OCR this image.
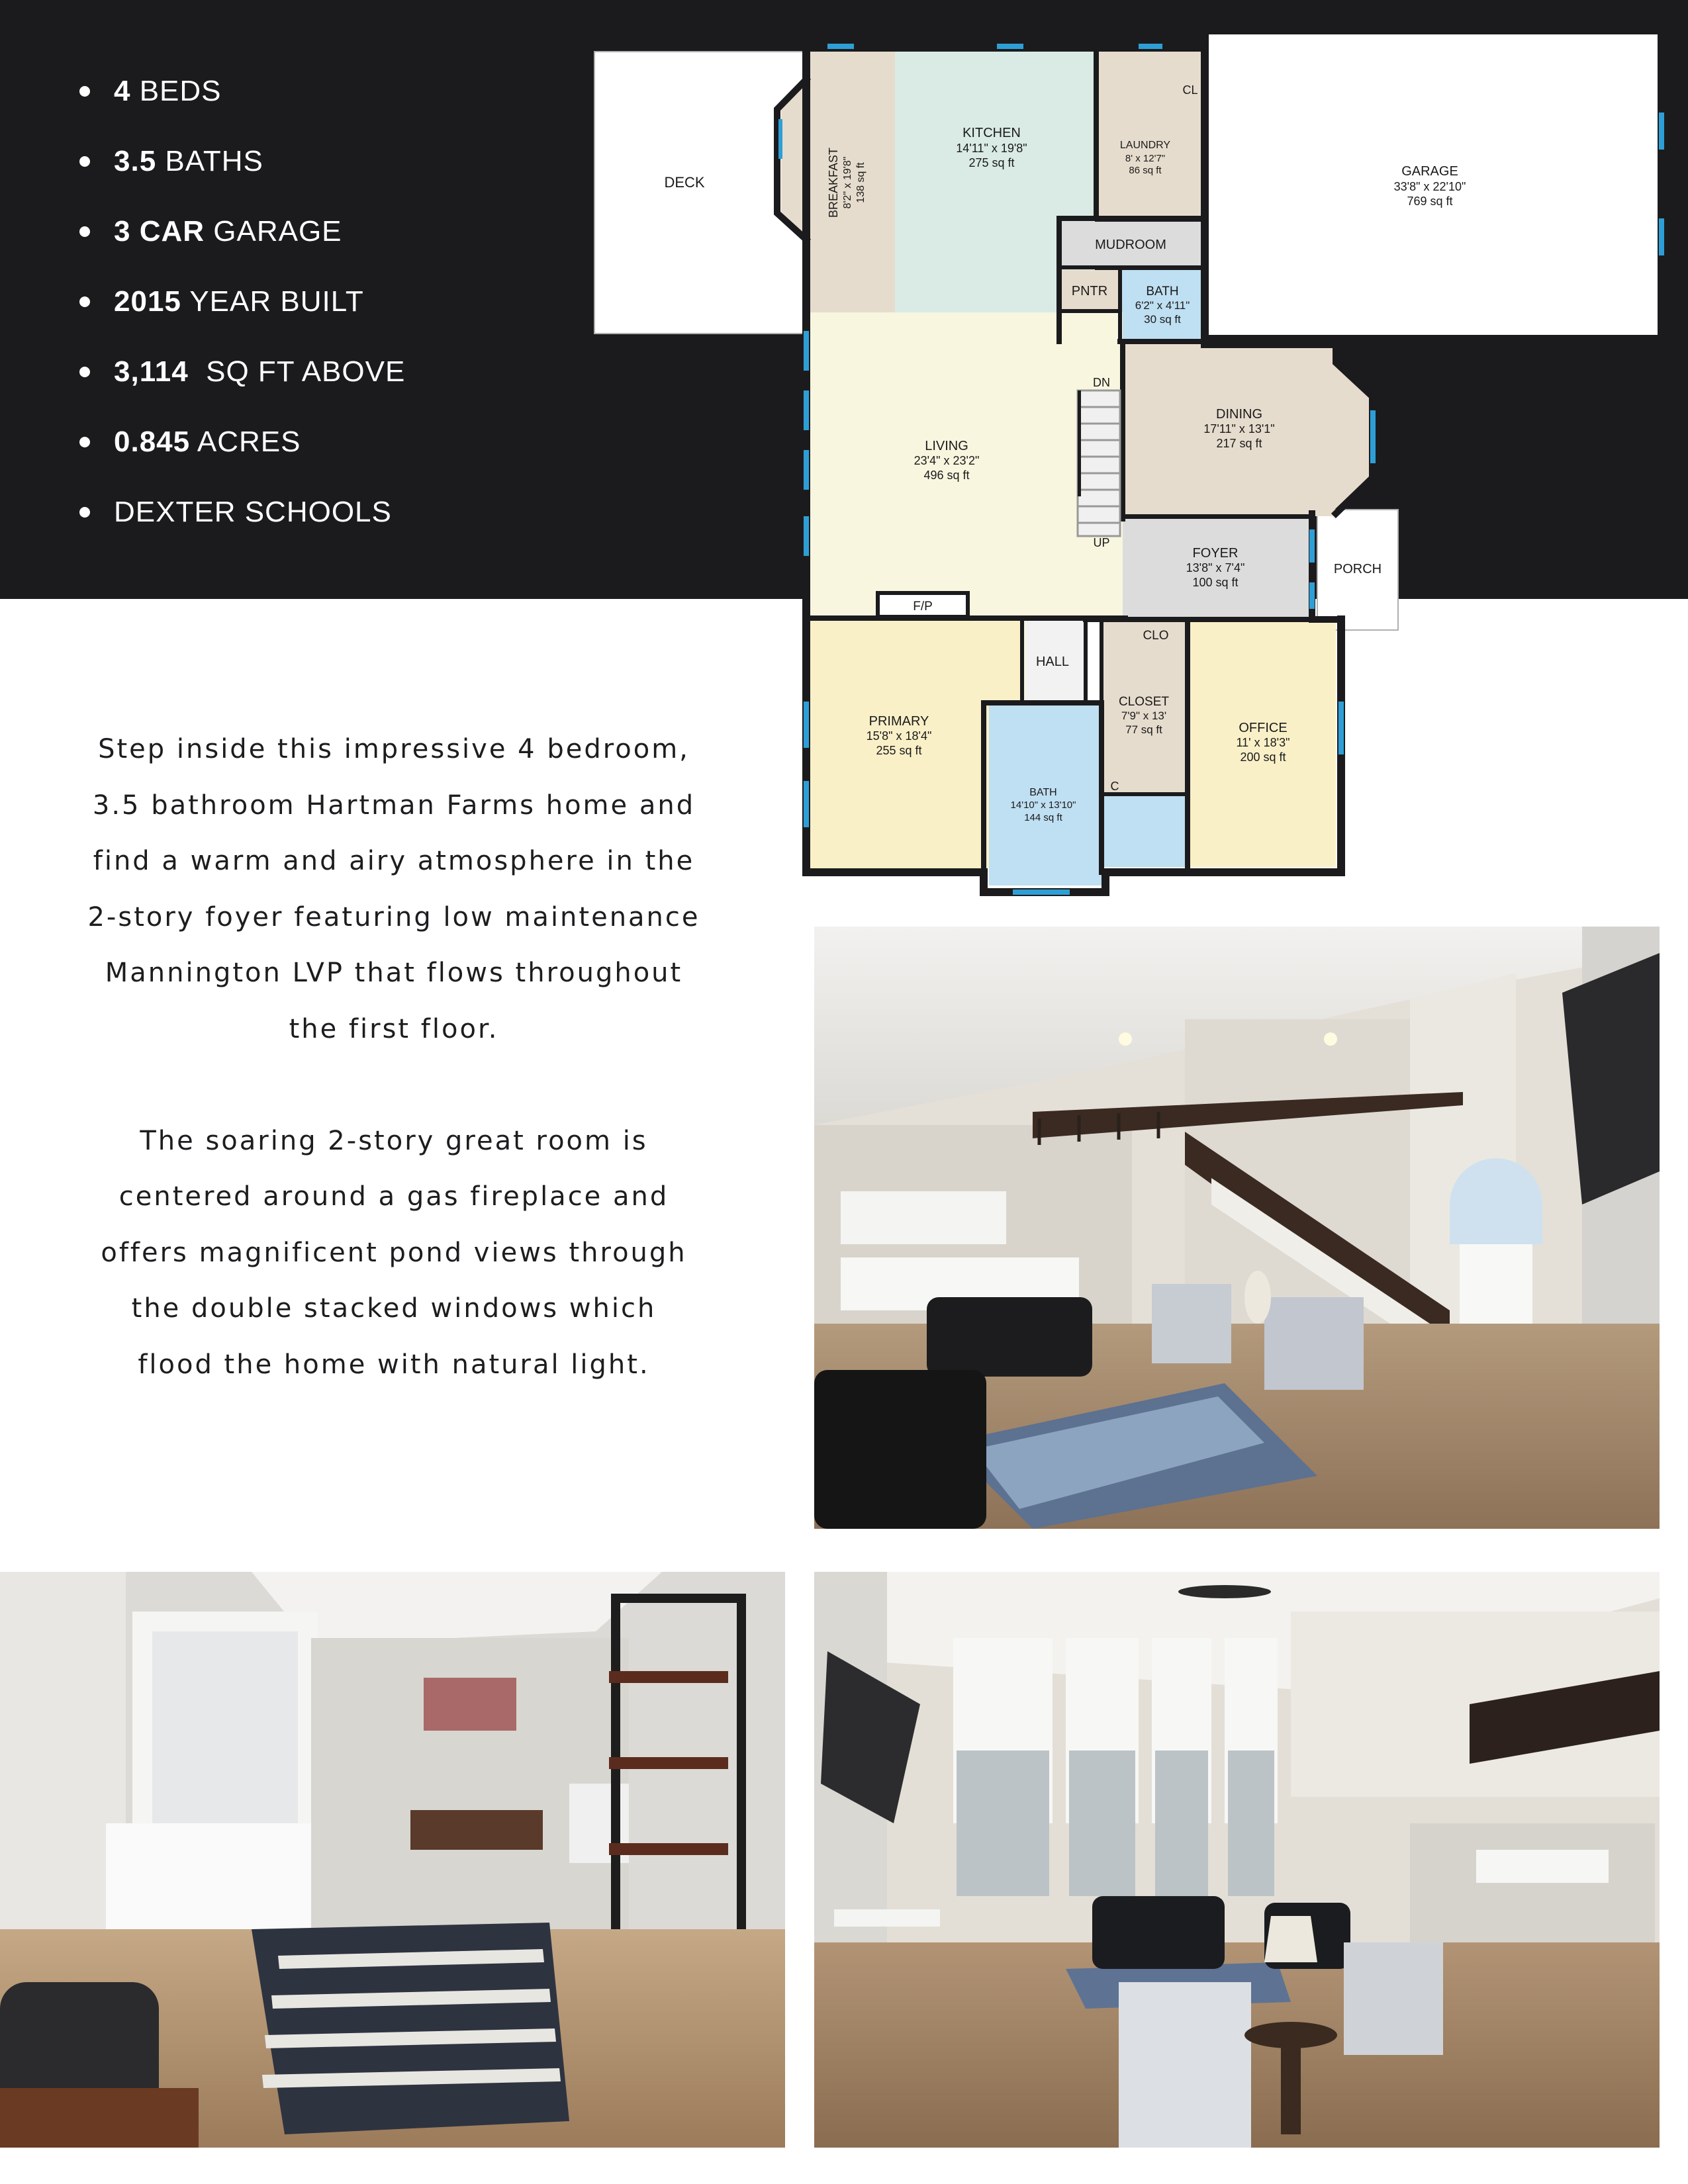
4 BEDS
3.5 BATHS
3 CAR GARAGE
2015 YEAR BUILT
3,114  SQ FT ABOVE
0.845 ACRES
DEXTER SCHOOLS
DECK	BREAKFAST 8'2" x 19'8" 138 sq ft
KITCHEN
14'11" x 19'8"
275 sq ft
LAUNDRY
8' x 12'7"
86 sq ft
CL
GARAGE
33'8" x 22'10"
769 sq ft
MUDROOM
PNTR	BATH
6'2" x 4'11"
30 sq ft
LIVING
23'4" x 23'2"
496 sq ft
DN
UP
DINING
17'11" x 13'1"
217 sq ft
FOYER
13'8" x 7'4"
100 sq ft
PORCH
F/P
HALL
CLO
PRIMARY
15'8" x 18'4"
255 sq ft
CLOSET
7'9" x 13'
77 sq ft	OFFICE
11' x 18'3"
200 sq ft
BATH
14'10" x 13'10"
144 sq ft
C

Step inside this impressive 4 bedroom,

3.5 bathroom Hartman Farms home and

find a warm and airy atmosphere in the

2-story foyer featuring low maintenance

Mannington LVP that flows throughout

the first floor.

The soaring 2-story great room is

centered around a gas fireplace and

offers magnificent pond views through

the double stacked windows which

flood the home with natural light.
